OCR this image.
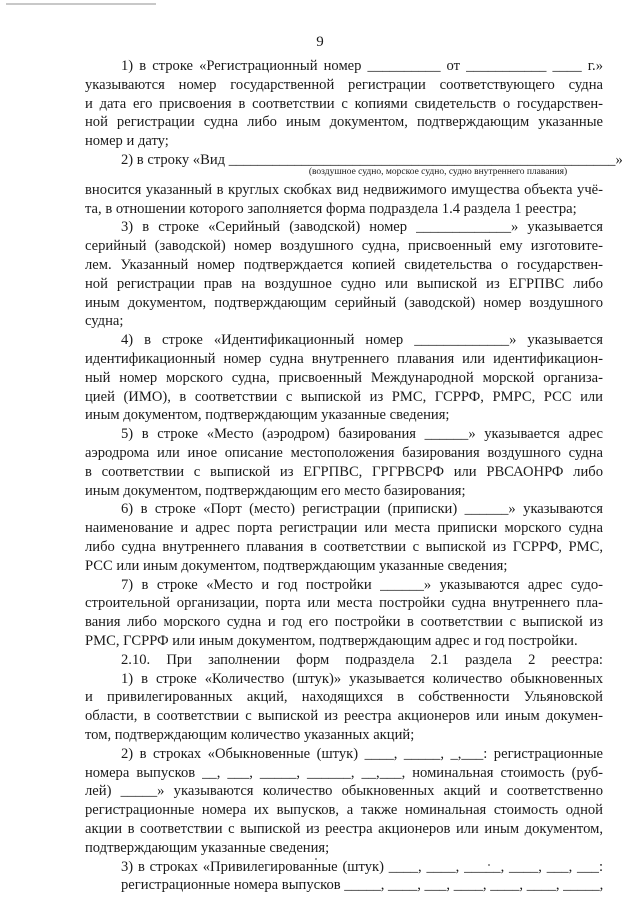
9
(воздушное судно, морское судно, судно внутреннего плавания)
1) в строке «Регистрационный номер __________ от ___________ ____ г.»
указываются номер государственной регистрации соответствующего судна
и дата его присвоения в соответствии с копиями свидетельств о государствен-
ной регистрации судна либо иным документом, подтверждающим указанные
номер и дату;
2) в строку «Вид _____________________________________________________»
вносится указанный в круглых скобках вид недвижимого имущества объекта учё-
та, в отношении которого заполняется форма подраздела 1.4 раздела 1 реестра;
3) в строке «Серийный (заводской) номер _____________» указывается
серийный (заводской) номер воздушного судна, присвоенный ему изготовите-
лем. Указанный номер подтверждается копией свидетельства о государствен-
ной регистрации прав на воздушное судно или выпиской из ЕГРПВС либо
иным документом, подтверждающим серийный (заводской) номер воздушного
судна;
4) в строке «Идентификационный номер _____________» указывается
идентификационный номер судна внутреннего плавания или идентификацион-
ный номер морского судна, присвоенный Международной морской организа-
цией (ИМО), в соответствии с выпиской из РМС, ГСРРФ, РМРС, РСС или
иным документом, подтверждающим указанные сведения;
5) в строке «Место (аэродром) базирования ______» указывается адрес
аэродрома или иное описание местоположения базирования воздушного судна
в соответствии с выпиской из ЕГРПВС, ГРГРВСРФ или РВСАОНРФ либо
иным документом, подтверждающим его место базирования;
6) в строке «Порт (место) регистрации (приписки) ______» указываются
наименование и адрес порта регистрации или места приписки морского судна
либо судна внутреннего плавания в соответствии с выпиской из ГСРРФ, РМС,
РСС или иным документом, подтверждающим указанные сведения;
7) в строке «Место и год постройки ______» указываются адрес судо-
строительной организации, порта или места постройки судна внутреннего пла-
вания либо морского судна и год его постройки в соответствии с выпиской из
РМС, ГСРРФ или иным документом, подтверждающим адрес и год постройки.
2.10. При заполнении форм подраздела 2.1 раздела 2 реестра:
1) в строке «Количество (штук)» указывается количество обыкновенных
и привилегированных акций, находящихся в собственности Ульяновской
области, в соответствии с выпиской из реестра акционеров или иным докумен-
том, подтверждающим количество указанных акций;
2) в строках «Обыкновенные (штук) ____, _____, _,___: регистрационные
номера выпусков __, ___, _____, ______, __,___, номинальная стоимость (руб-
лей) _____» указываются количество обыкновенных акций и соответственно
регистрационные номера их выпусков, а также номинальная стоимость одной
акции в соответствии с выпиской из реестра акционеров или иным документом,
подтверждающим указанные сведения;
3) в строках «Привилегированные (штук) ____, ____, _____, ____, ___, ___:
регистрационные номера выпусков _____, ____, ___, ____, ____, ____, _____,
